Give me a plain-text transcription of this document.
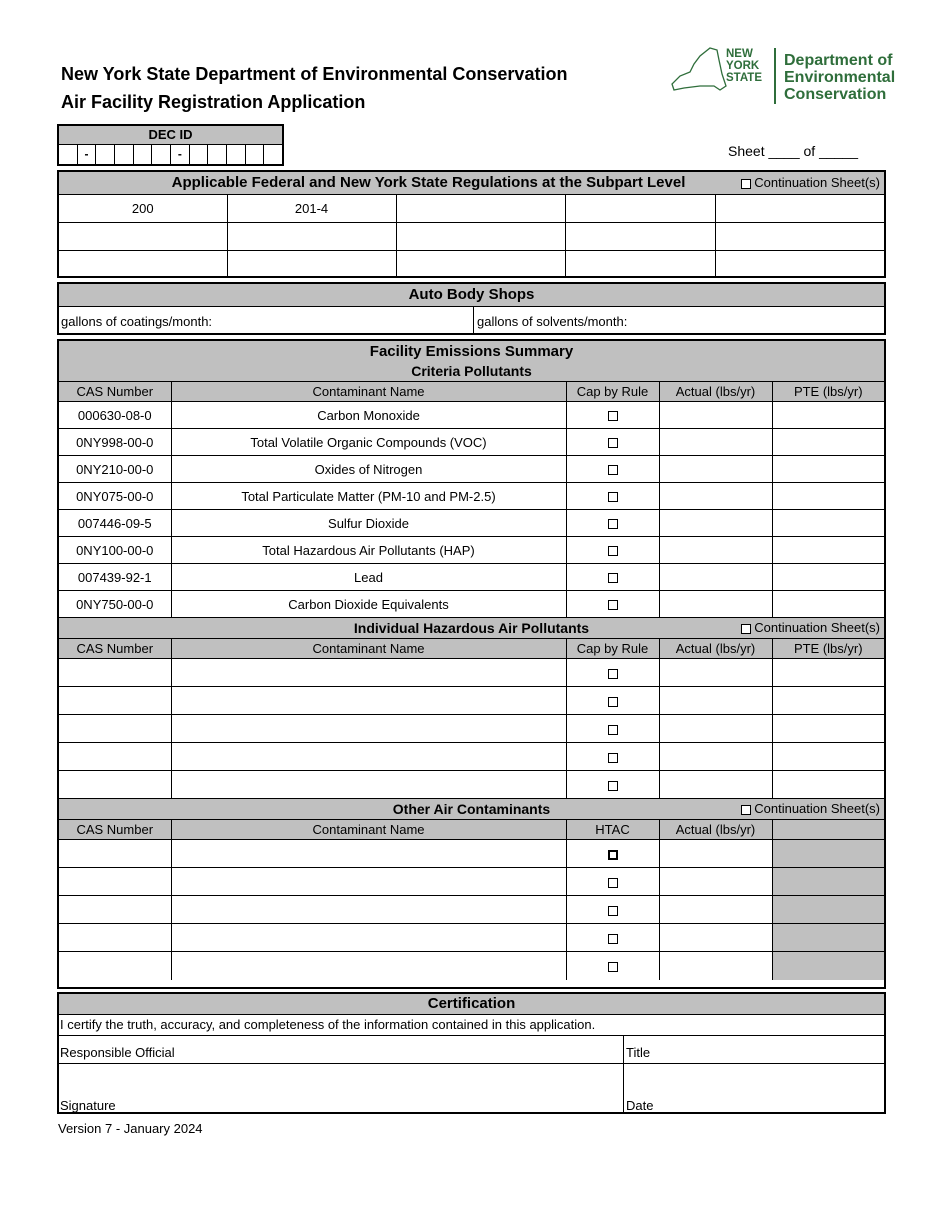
New York State Department of Environmental Conservation
Air Facility Registration Application
NEW
YORK
STATE
Department of
Environmental
Conservation
DEC ID
-	-	Sheet ____ of _____
Applicable Federal and New York State Regulations at the Subpart Level	Continuation Sheet(s)
200	201-4			

Auto Body Shops
gallons of coatings/month:	gallons of solvents/month:
Facility Emissions Summary				
Criteria Pollutants				
CAS Number	Contaminant Name	Cap by Rule	Actual (lbs/yr)	PTE (lbs/yr)
000630-08-0	Carbon Monoxide			
0NY998-00-0	Total Volatile Organic Compounds (VOC)			
0NY210-00-0	Oxides of Nitrogen			
0NY075-00-0	Total Particulate Matter (PM-10 and PM-2.5)			
007446-09-5	Sulfur Dioxide			
0NY100-00-0	Total Hazardous Air Pollutants (HAP)			
007439-92-1	Lead			
0NY750-00-0	Carbon Dioxide Equivalents			
Individual Hazardous Air Pollutants Continuation Sheet(s)				

CAS Number	Contaminant Name	Cap by Rule	Actual (lbs/yr)	PTE (lbs/yr)

Other Air Contaminants Continuation Sheet(s)				

CAS Number	Contaminant Name	HTAC	Actual (lbs/yr)	

Certification
I certify the truth, accuracy, and completeness of the information contained in this application.
Responsible Official	Title
Signature	Date
Version 7 - January 2024
